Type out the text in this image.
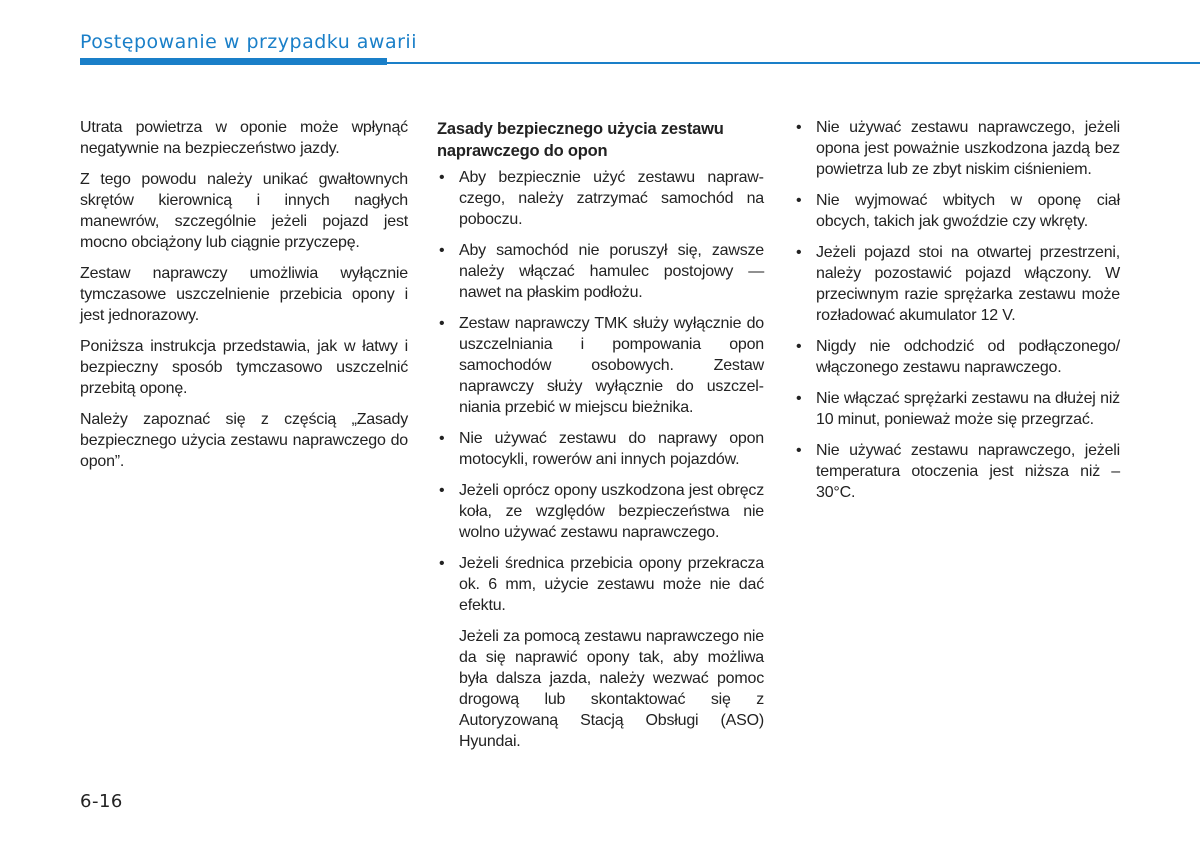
Postępowanie w przypadku awarii

Utrata powietrza w oponie może wpłynąć negatywnie na bezpieczeństwo jazdy.

Z tego powodu należy unikać gwałtownych skrętów kierownicą i innych nagłych manewrów, szczególnie jeżeli pojazd jest mocno obciążony lub ciągnie przyczepę.

Zestaw naprawczy umożliwia wyłącznie tymczasowe uszczelnienie przebicia opony i jest jednorazowy.

Poniższa instrukcja przedstawia, jak w łatwy i bezpieczny sposób tymczasowo uszczelnić przebitą oponę.

Należy zapoznać się z częścią „Zasady bezpiecznego użycia zestawu naprawczego do opon”.

Zasady bezpiecznego użycia zestawu naprawczego do opon
• Aby bezpiecznie użyć zestawu naprawczego, należy zatrzymać samochód na poboczu.
• Aby samochód nie poruszył się, zawsze należy włączać hamulec postojowy — nawet na płaskim podłożu.
• Zestaw naprawczy TMK służy wyłącznie do uszczelniania i pompowania opon samochodów osobowych. Zestaw naprawczy służy wyłącznie do uszczelniania przebić w miejscu bieżnika.
• Nie używać zestawu do naprawy opon motocykli, rowerów ani innych pojazdów.
• Jeżeli oprócz opony uszkodzona jest obręcz koła, ze względów bezpieczeństwa nie wolno używać zestawu naprawczego.
• Jeżeli średnica przebicia opony przekracza ok. 6 mm, użycie zestawu może nie dać efektu.
Jeżeli za pomocą zestawu naprawczego nie da się naprawić opony tak, aby możliwa była dalsza jazda, należy wezwać pomoc drogową lub skontaktować się z Autoryzowaną Stacją Obsługi (ASO) Hyundai.
• Nie używać zestawu naprawczego, jeżeli opona jest poważnie uszkodzona jazdą bez powietrza lub ze zbyt niskim ciśnieniem.
• Nie wyjmować wbitych w oponę ciał obcych, takich jak gwoździe czy wkręty.
• Jeżeli pojazd stoi na otwartej przestrzeni, należy pozostawić pojazd włączony. W przeciwnym razie sprężarka zestawu może rozładować akumulator 12 V.
• Nigdy nie odchodzić od podłączonego/ włączonego zestawu naprawczego.
• Nie włączać sprężarki zestawu na dłużej niż 10 minut, ponieważ może się przegrzać.
• Nie używać zestawu naprawczego, jeżeli temperatura otoczenia jest niższa niż –30°C.
6-16
